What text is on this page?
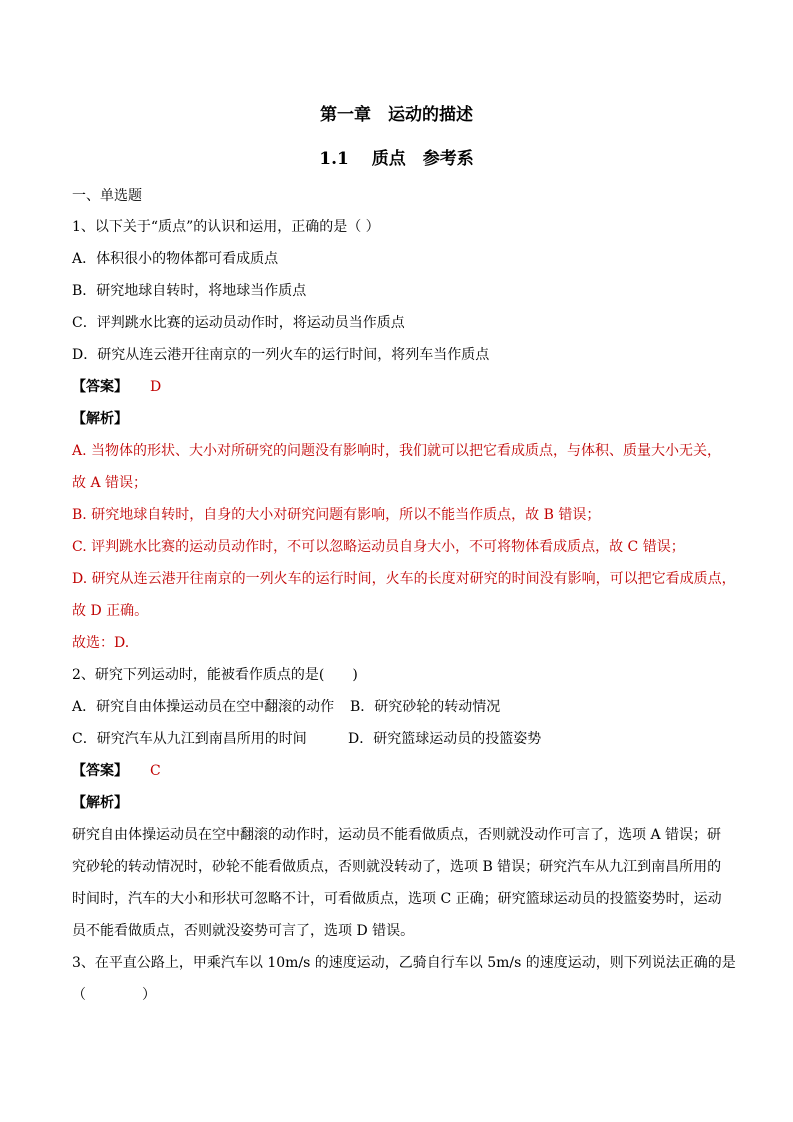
第一章　运动的描述
1.1　 质点　参考系
一、单选题
1、以下关于“质点”的认识和运用，正确的是（ ）
A．体积很小的物体都可看成质点
B．研究地球自转时，将地球当作质点
C．评判跳水比赛的运动员动作时，将运动员当作质点
D．研究从连云港开往南京的一列火车的运行时间，将列车当作质点
【答案】 D
【解析】
A. 当物体的形状、大小对所研究的问题没有影响时，我们就可以把它看成质点，与体积、质量大小无关，
故 A 错误；
B. 研究地球自转时，自身的大小对研究问题有影响，所以不能当作质点，故 B 错误；
C. 评判跳水比赛的运动员动作时，不可以忽略运动员自身大小，不可将物体看成质点，故 C 错误；
D. 研究从连云港开往南京的一列火车的运行时间，火车的长度对研究的时间没有影响，可以把它看成质点，
故 D 正确。
故选：D.
2、研究下列运动时，能被看作质点的是(　　)
A．研究自由体操运动员在空中翻滚的动作 B．研究砂轮的转动情况
C．研究汽车从九江到南昌所用的时间	D．研究篮球运动员的投篮姿势
【答案】 C
【解析】
研究自由体操运动员在空中翻滚的动作时，运动员不能看做质点，否则就没动作可言了，选项 A 错误；研
究砂轮的转动情况时，砂轮不能看做质点，否则就没转动了，选项 B 错误；研究汽车从九江到南昌所用的
时间时，汽车的大小和形状可忽略不计，可看做质点，选项 C 正确；研究篮球运动员的投篮姿势时，运动
员不能看做质点，否则就没姿势可言了，选项 D 错误。
3、在平直公路上，甲乘汽车以 10m/s 的速度运动，乙骑自行车以 5m/s 的速度运动，则下列说法正确的是
（　　　　）
